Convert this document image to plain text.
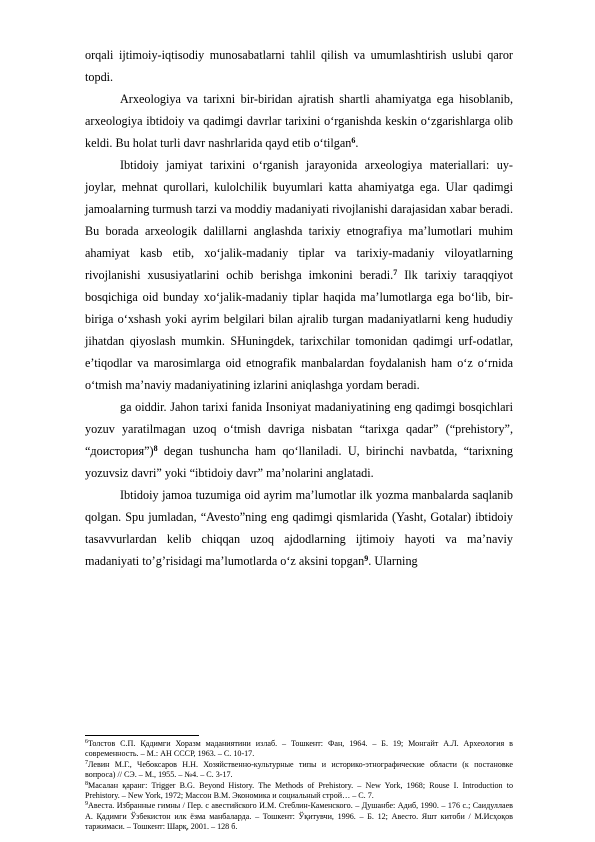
orqali ijtimoiy-iqtisodiy munosabatlarni tahlil qilish va umumlashtirish uslubi qaror topdi.

Arxeologiya va tarixni bir-biridan ajratish shartli ahamiyatga ega hisoblanib, arxeologiya ibtidoiy va qadimgi davrlar tarixini o‘rganishda keskin o‘zgarishlarga olib keldi. Bu holat turli davr nashrlarida qayd etib o‘tilgan$^6$.

Ibtidoiy jamiyat tarixini o‘rganish jarayonida arxeologiya materiallari: uy-joylar, mehnat qurollari, kulolchilik buyumlari katta ahamiyatga ega. Ular qadimgi jamoalarning turmush tarzi va moddiy madaniyati rivojlanishi darajasidan xabar beradi. Bu borada arxeologik dalillarni anglashda tarixiy etnografiya ma’lumotlari muhim ahamiyat kasb etib, xo‘jalik-madaniy tiplar va tarixiy-madaniy viloyatlarning rivojlanishi xususiyatlarini ochib berishga imkonini beradi.$^7$ Ilk tarixiy taraqqiyot bosqichiga oid bunday xo‘jalik-madaniy tiplar haqida ma’lumotlarga ega bo‘lib, bir-biriga o‘xshash yoki ayrim belgilari bilan ajralib turgan madaniyatlarni keng hududiy jihatdan qiyoslash mumkin. SHuningdek, tarixchilar tomonidan qadimgi urf-odatlar, e’tiqodlar va marosimlarga oid etnografik manbalardan foydalanish ham o‘z o‘rnida o‘tmish ma’naviy madaniyatining izlarini aniqlashga yordam beradi.

ga oiddir. Jahon tarixi fanida Insoniyat madaniyatining eng qadimgi bosqichlari yozuv yaratilmagan uzoq o‘tmish davriga nisbatan “tarixga qadar” (“prehistory”, “доистория”)$^8$ degan tushuncha ham qo‘llaniladi. U, birinchi navbatda, “tarixning yozuvsiz davri” yoki “ibtidoiy davr” ma’nolarini anglatadi.

Ibtidoiy jamoa tuzumiga oid ayrim ma’lumotlar ilk yozma manbalarda saqlanib qolgan. Spu jumladan, “Avesto”ning eng qadimgi qismlarida (Yasht, Gotalar) ibtidoiy tasavvurlardan kelib chiqqan uzoq ajdodlarning ijtimoiy hayoti va ma’naviy madaniyati to’g’risidagi ma’lumotlarda o‘z aksini topgan$^9$. Ularning

$^6$Толстов С.П. Қадимги Хоразм маданиятини излаб. – Тошкент: Фан, 1964. – Б. 19; Монгайт А.Л. Археология в современность. – М.: АН СССР, 1963. – С. 10-17.

$^7$Левин М.Г., Чебоксаров Н.Н. Хозяйственно-культурные типы и историко-этнографические области (к постановке вопроса) // СЭ. – М., 1955. – №4. – С. 3-17.

$^8$Масалан қаранг: Trigger B.G. Beyond History. The Methods of Prehistory. – New York, 1968; Rouse I. Introduction to Prehistory. – New York, 1972; Массон В.М. Экономика и социальный строй… – С. 7.

$^9$Авеста. Избранные гимны / Пер. с авестийского И.М. Стеблин-Каменского. – Душанбе: Адиб, 1990. – 176 с.; Саидуллаев А. Қадимги Ўзбекистон илк ёзма манбаларда. – Тошкент: Ўқитувчи, 1996. – Б. 12; Авесто. Яшт китоби / М.Исҳоқов таржимаси. – Тошкент: Шарқ, 2001. – 128 б.
